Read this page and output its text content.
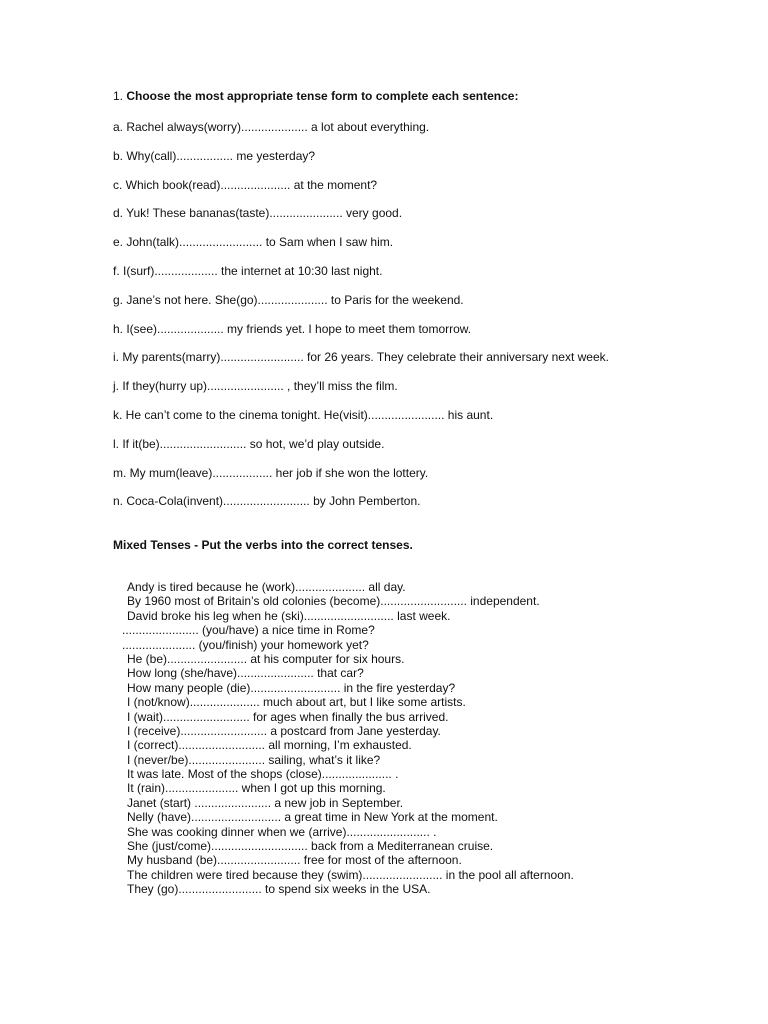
1. Choose the most appropriate tense form to complete each sentence:
a. Rachel always(worry).................... a lot about everything.
b. Why(call)................. me yesterday?
c. Which book(read)..................... at the moment?
d. Yuk! These bananas(taste)...................... very good.
e. John(talk)......................... to Sam when I saw him.
f. I(surf)................... the internet at 10:30 last night.
g. Jane’s not here. She(go)..................... to Paris for the weekend.
h. I(see).................... my friends yet. I hope to meet them tomorrow.
i. My parents(marry)......................... for 26 years. They celebrate their anniversary next week.
j. If they(hurry up)....................... , they’ll miss the film.
k. He can’t come to the cinema tonight. He(visit)....................... his aunt.
l. If it(be).......................... so hot, we’d play outside.
m. My mum(leave).................. her job if she won the lottery.
n. Coca-Cola(invent).......................... by John Pemberton.
Mixed Tenses - Put the verbs into the correct tenses.
Andy is tired because he (work)..................... all day.
By 1960 most of Britain’s old colonies (become).......................... independent.
David broke his leg when he (ski)........................... last week.
....................... (you/have) a nice time in Rome?
...................... (you/finish) your homework yet?
He (be)........................ at his computer for six hours.
How long (she/have)....................... that car?
How many people (die)........................... in the fire yesterday?
I (not/know)..................... much about art, but I like some artists.
I (wait).......................... for ages when finally the bus arrived.
I (receive).......................... a postcard from Jane yesterday.
I (correct).......................... all morning, I’m exhausted.
I (never/be)....................... sailing, what’s it like?
It was late. Most of the shops (close)..................... .
It (rain)...................... when I got up this morning.
Janet (start) ....................... a new job in September.
Nelly (have)........................... a great time in New York at the moment.
She was cooking dinner when we (arrive)......................... .
She (just/come)............................. back from a Mediterranean cruise.
My husband (be)......................... free for most of the afternoon.
The children were tired because they (swim)........................ in the pool all afternoon.
They (go)......................... to spend six weeks in the USA.
